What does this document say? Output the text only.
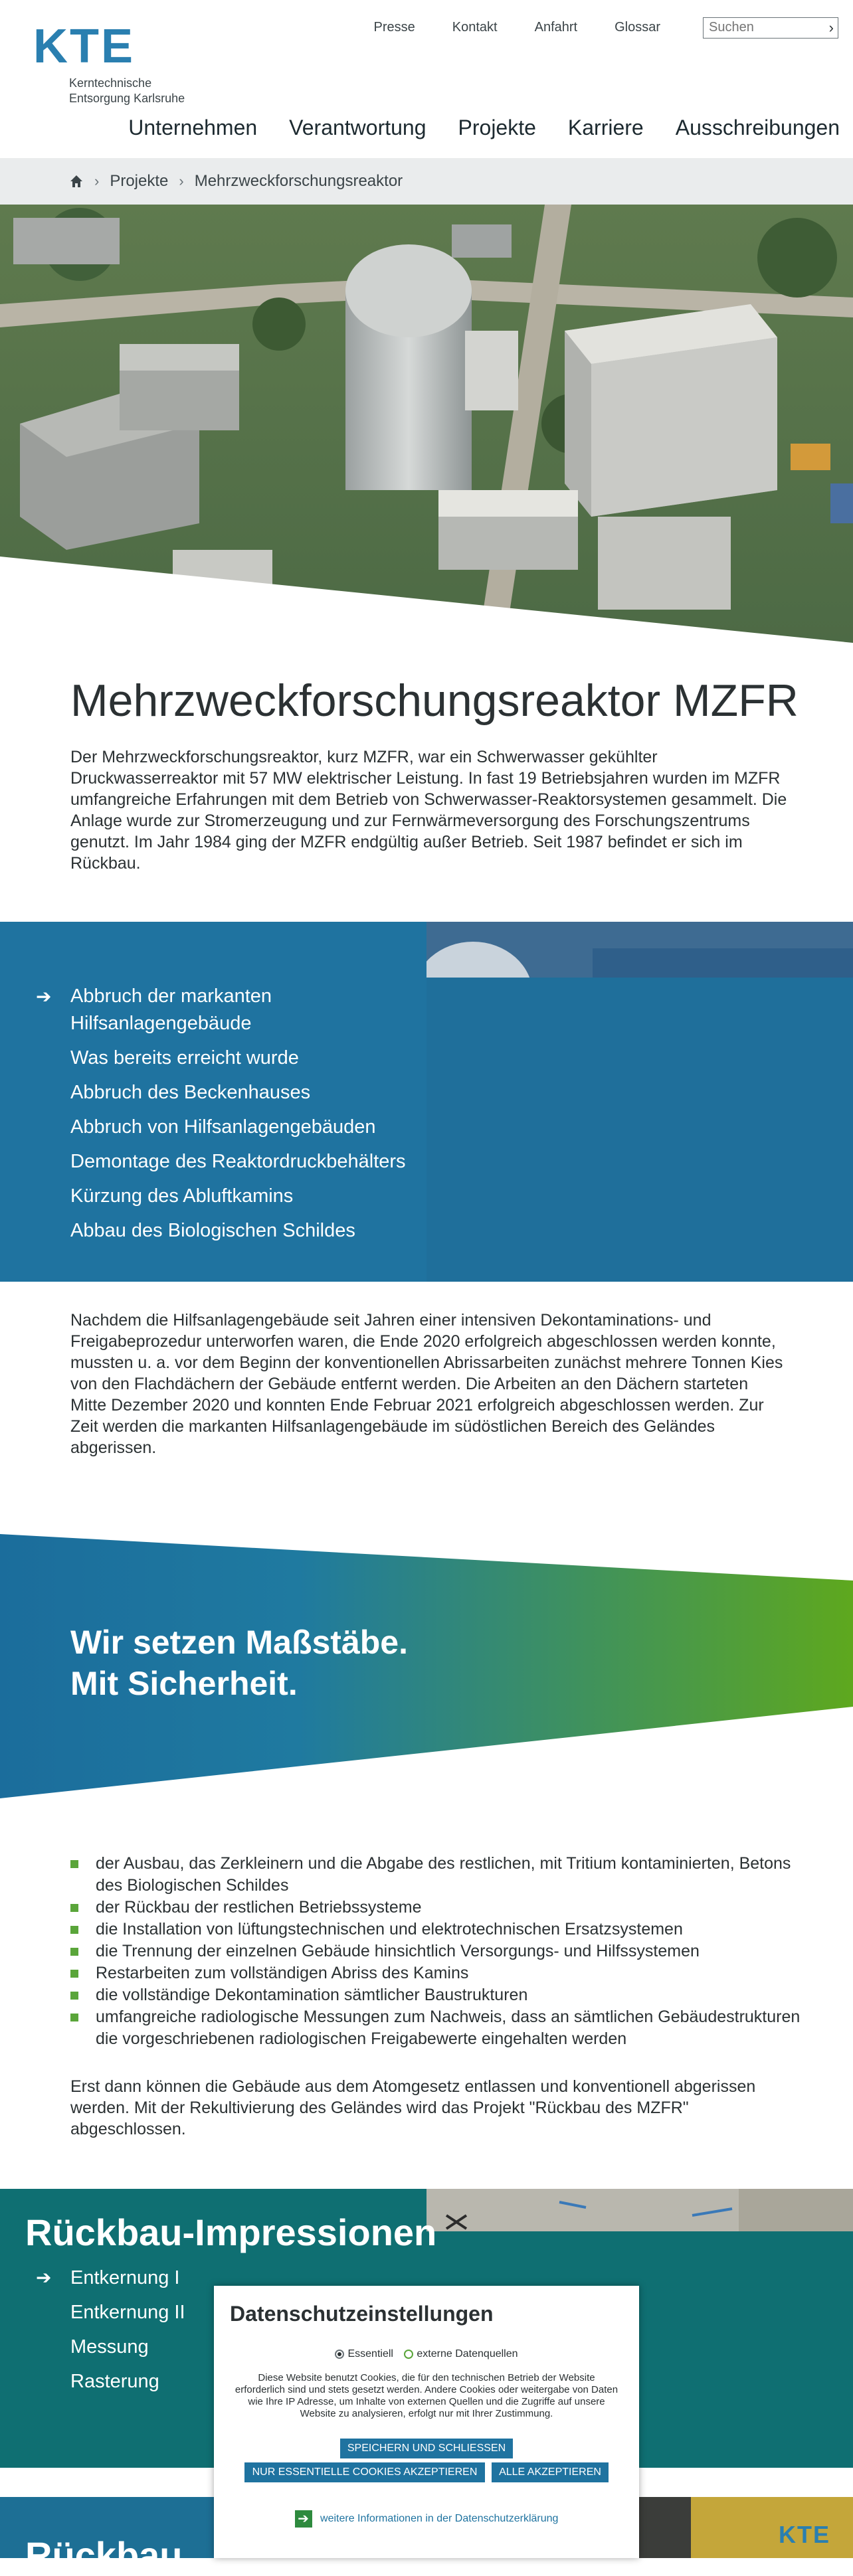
KTE
Kerntechnische
Entsorgung Karlsruhe
Presse	Kontakt	Anfahrt	Glossar
Suchen	›
Unternehmen Verantwortung Projekte Karriere Ausschreibungen
› Projekte › Mehrzweckforschungsreaktor
Mehrzweckforschungsreaktor MZFR

Der Mehrzweckforschungsreaktor, kurz MZFR, war ein Schwerwasser gekühlter Druckwasserreaktor mit 57 MW elektrischer Leistung. In fast 19 Betriebsjahren wurden im MZFR umfangreiche Erfahrungen mit dem Betrieb von Schwerwasser-Reaktorsystemen gesammelt. Die Anlage wurde zur Stromerzeugung und zur Fernwärmeversorgung des Forschungszentrums genutzt. Im Jahr 1984 ging der MZFR endgültig außer Betrieb. Seit 1987 befindet er sich im Rückbau.

➔ Abbruch der markanten Hilfsanlagengebäude
Was bereits erreicht wurde
Abbruch des Beckenhauses
Abbruch von Hilfsanlagengebäuden
Demontage des Reaktordruckbehälters
Kürzung des Abluftkamins
Abbau des Biologischen Schildes

Nachdem die Hilfsanlagengebäude seit Jahren einer intensiven Dekontaminations- und Freigabeprozedur unterworfen waren, die Ende 2020 erfolgreich abgeschlossen werden konnte, mussten u. a. vor dem Beginn der konventionellen Abrissarbeiten zunächst mehrere Tonnen Kies von den Flachdächern der Gebäude entfernt werden. Die Arbeiten an den Dächern starteten Mitte Dezember 2020 und konnten Ende Februar 2021 erfolgreich abgeschlossen werden. Zur Zeit werden die markanten Hilfsanlagengebäude im südöstlichen Bereich des Geländes abgerissen.

Wir setzen Maßstäbe.
Mit Sicherheit.
der Ausbau, das Zerkleinern und die Abgabe des restlichen, mit Tritium kontaminierten, Betons des Biologischen Schildes
der Rückbau der restlichen Betriebssysteme
die Installation von lüftungstechnischen und elektrotechnischen Ersatzsystemen
die Trennung der einzelnen Gebäude hinsichtlich Versorgungs- und Hilfssystemen
Restarbeiten zum vollständigen Abriss des Kamins
die vollständige Dekontamination sämtlicher Baustrukturen
umfangreiche radiologische Messungen zum Nachweis, dass an sämtlichen Gebäudestrukturen die vorgeschriebenen radiologischen Freigabewerte eingehalten werden

Erst dann können die Gebäude aus dem Atomgesetz entlassen und konventionell abgerissen werden. Mit der Rekultivierung des Geländes wird das Projekt "Rückbau des MZFR" abgeschlossen.

Rückbau-Impressionen
➔ Entkernung I
Entkernung II
Messung
Rasterung
Rückbau	KTE
Datenschutzeinstellungen
Essentiell
externe Datenquellen

Diese Website benutzt Cookies, die für den technischen Betrieb der Website erforderlich sind und stets gesetzt werden. Andere Cookies oder weitergabe von Daten wie Ihre IP Adresse, um Inhalte von externen Quellen und die Zugriffe auf unsere Website zu analysieren, erfolgt nur mit Ihrer Zustimmung.

SPEICHERN UND SCHLIESSEN
NUR ESSENTIELLE COOKIES AKZEPTIEREN	ALLE AKZEPTIEREN
➔ weitere Informationen in der Datenschutzerklärung
